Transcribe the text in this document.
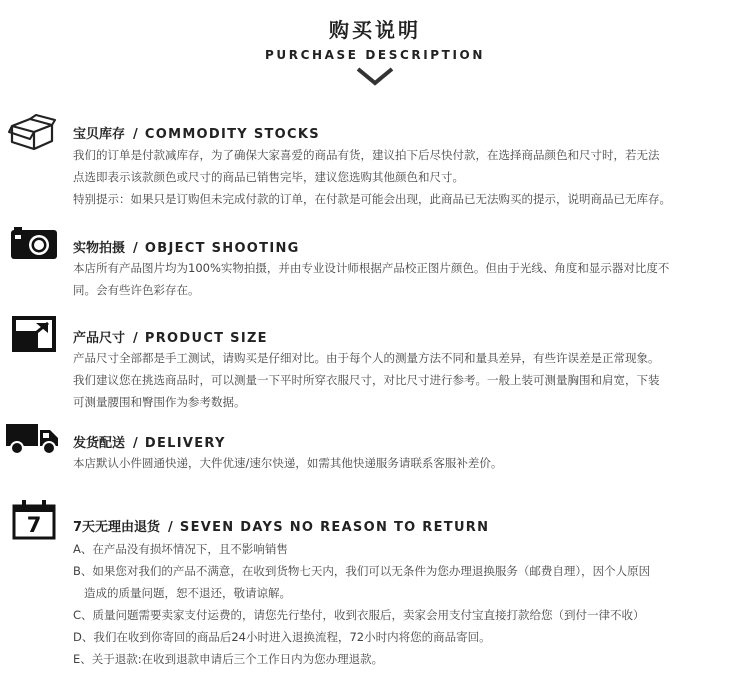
购买说明
PURCHASE DESCRIPTION
宝贝库存 / COMMODITY STOCKS

我们的订单是付款减库存，为了确保大家喜爱的商品有货，建议拍下后尽快付款，在选择商品颜色和尺寸时，若无法

点选即表示该款颜色或尺寸的商品已销售完毕，建议您选购其他颜色和尺寸。

特别提示：如果只是订购但未完成付款的订单，在付款是可能会出现，此商品已无法购买的提示，说明商品已无库存。

实物拍摄 / OBJECT SHOOTING

本店所有产品图片均为100%实物拍摄，并由专业设计师根据产品校正图片颜色。但由于光线、角度和显示器对比度不

同。会有些许色彩存在。

产品尺寸 / PRODUCT SIZE

产品尺寸全部都是手工测试，请购买是仔细对比。由于每个人的测量方法不同和量具差异，有些许误差是正常现象。

我们建议您在挑选商品时，可以测量一下平时所穿衣服尺寸，对比尺寸进行参考。一般上装可测量胸围和肩宽，下装

可测量腰围和臀围作为参考数据。

发货配送 / DELIVERY

本店默认小件圆通快递，大件优速/速尔快递，如需其他快递服务请联系客服补差价。

7 7天无理由退货 / SEVEN DAYS NO REASON TO RETURN

A、在产品没有损坏情况下，且不影响销售

B、如果您对我们的产品不满意，在收到货物七天内，我们可以无条件为您办理退换服务（邮费自理），因个人原因

造成的质量问题，恕不退还，敬请谅解。

C、质量问题需要卖家支付运费的，请您先行垫付，收到衣服后，卖家会用支付宝直接打款给您（到付一律不收）

D、我们在收到你寄回的商品后24小时进入退换流程，72小时内将您的商品寄回。

E、关于退款:在收到退款申请后三个工作日内为您办理退款。
